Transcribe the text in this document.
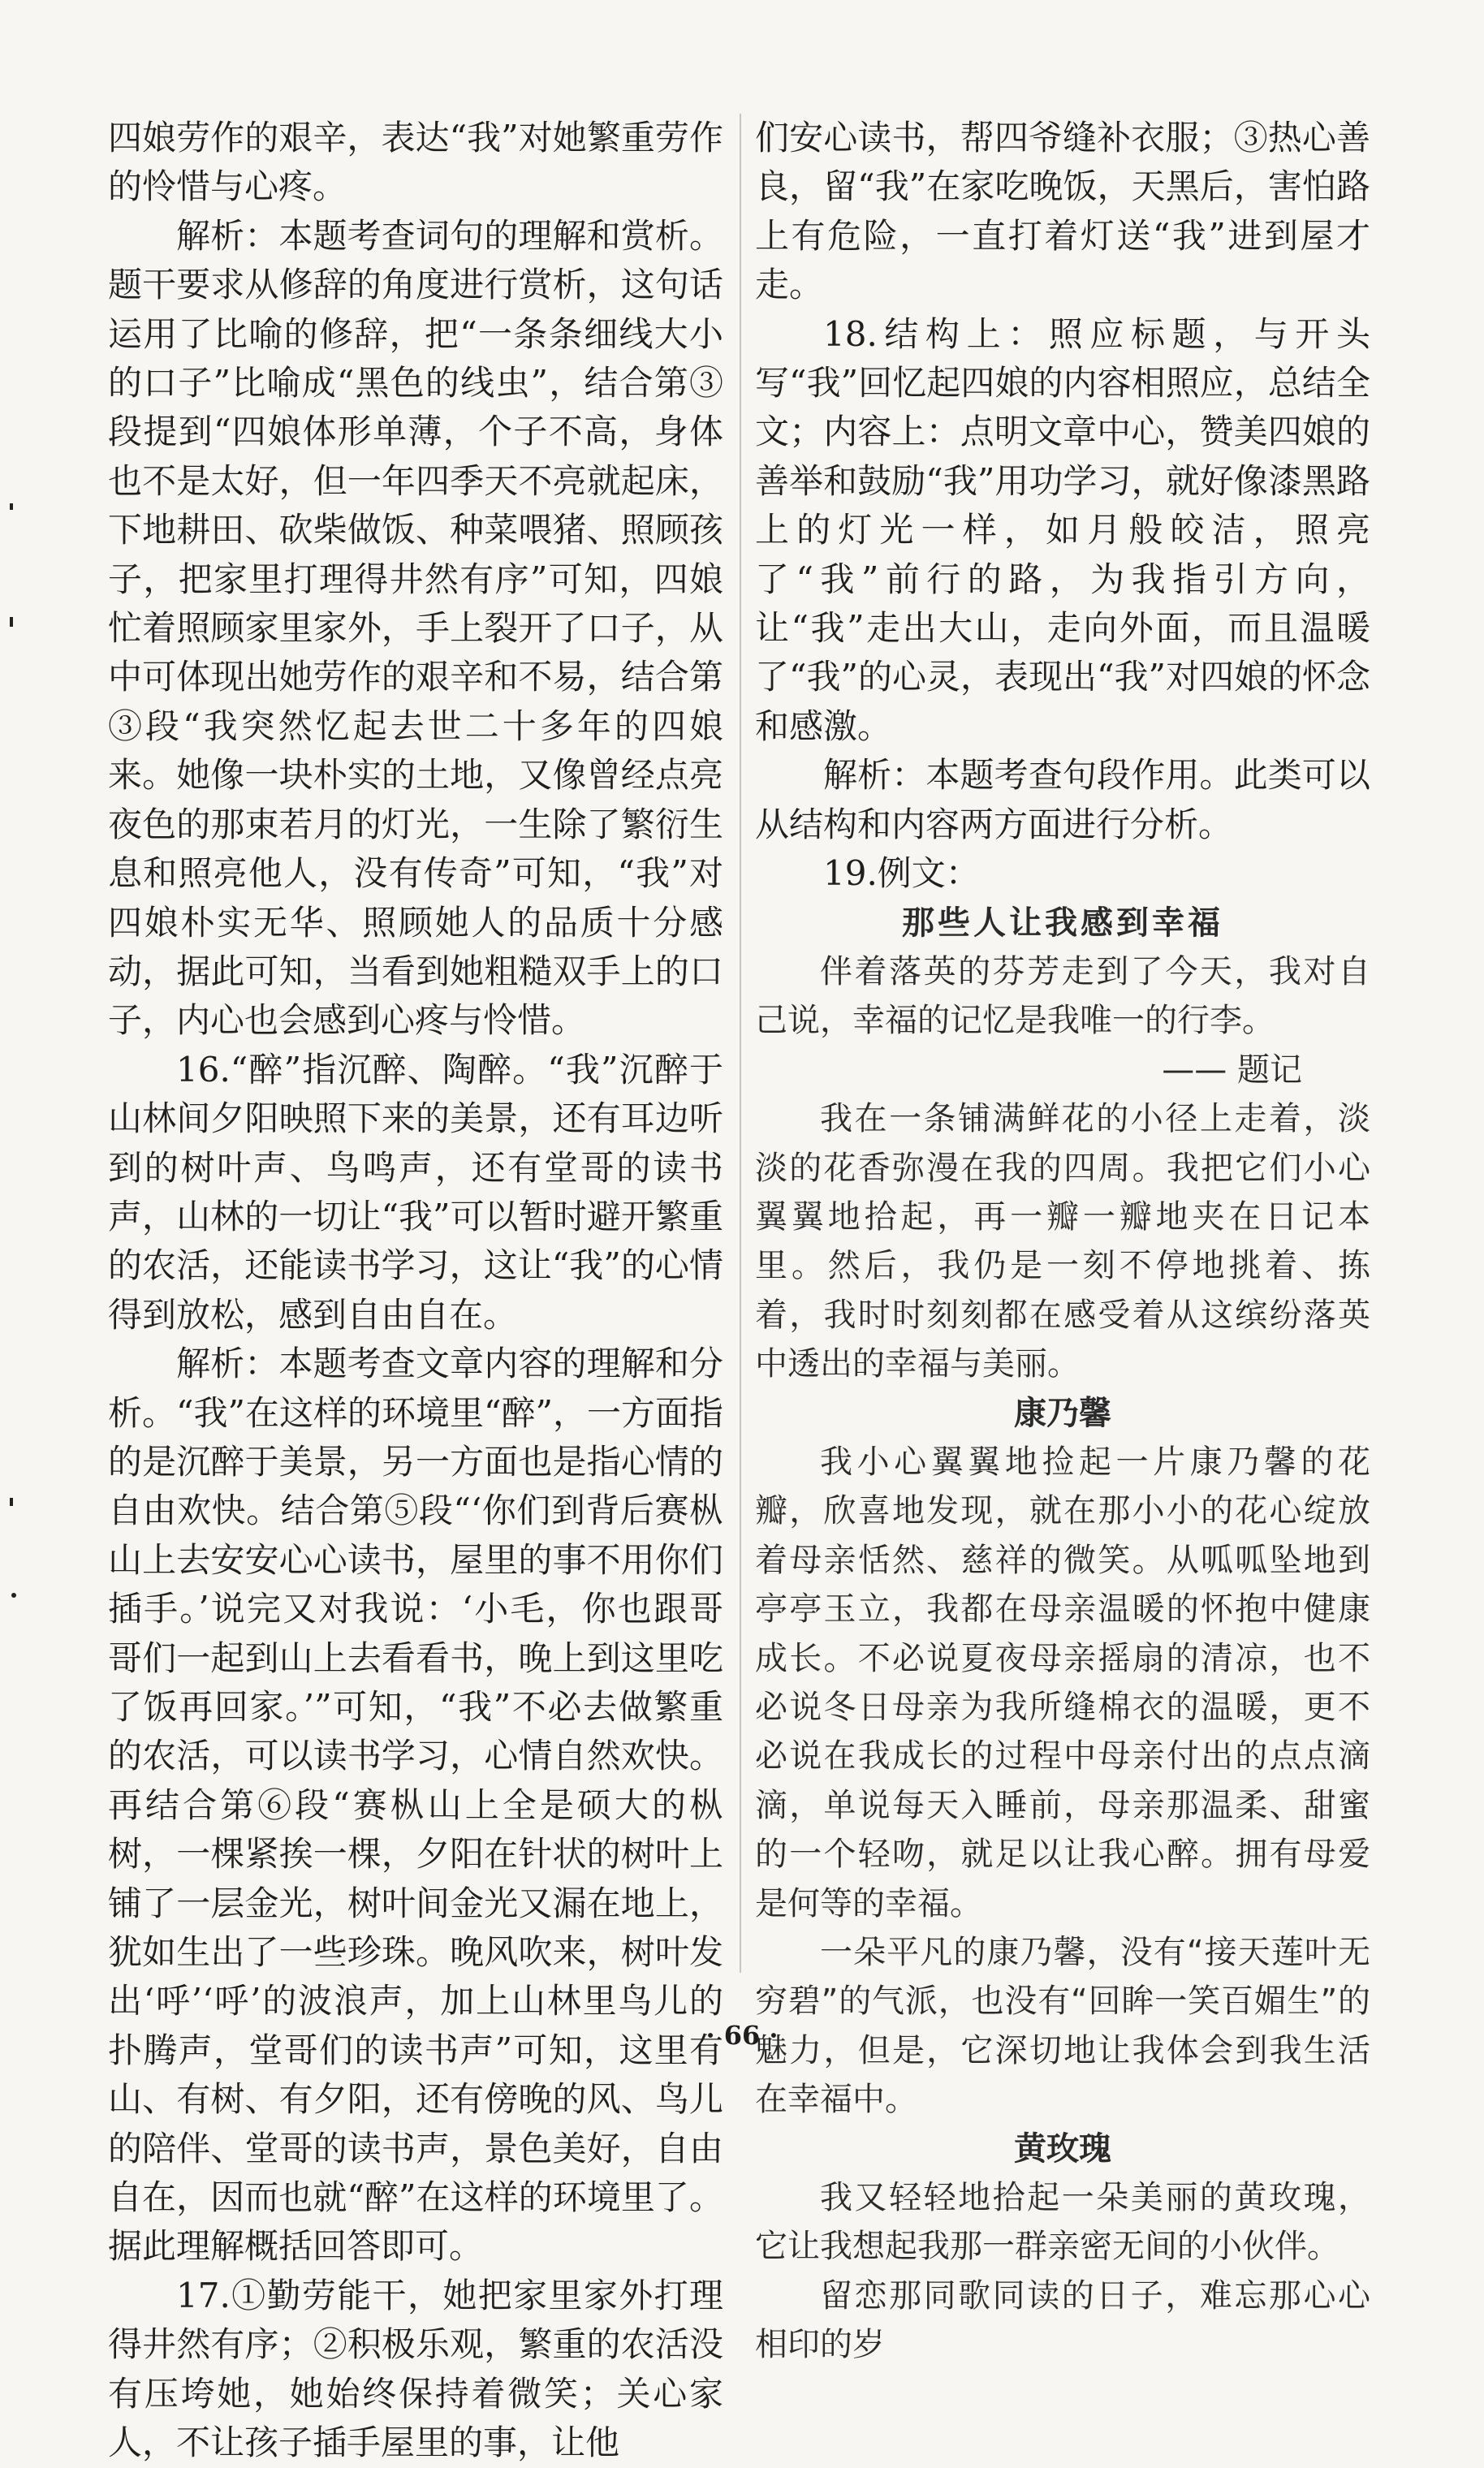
四娘劳作的艰辛，表达“我”对她繁重劳作的怜惜与心疼。

解析：本题考查词句的理解和赏析。题干要求从修辞的角度进行赏析，这句话运用了比喻的修辞，把“一条条细线大小的口子”比喻成“黑色的线虫”，结合第③段提到“四娘体形单薄，个子不高，身体也不是太好，但一年四季天不亮就起床，下地耕田、砍柴做饭、种菜喂猪、照顾孩子，把家里打理得井然有序”可知，四娘忙着照顾家里家外，手上裂开了口子，从中可体现出她劳作的艰辛和不易，结合第③段“我突然忆起去世二十多年的四娘来。她像一块朴实的土地，又像曾经点亮夜色的那束若月的灯光，一生除了繁衍生息和照亮他人，没有传奇”可知，“我”对四娘朴实无华、照顾她人的品质十分感动，据此可知，当看到她粗糙双手上的口子，内心也会感到心疼与怜惜。

16.“醉”指沉醉、陶醉。“我”沉醉于山林间夕阳映照下来的美景，还有耳边听到的树叶声、鸟鸣声，还有堂哥的读书声，山林的一切让“我”可以暂时避开繁重的农活，还能读书学习，这让“我”的心情得到放松，感到自由自在。

解析：本题考查文章内容的理解和分析。“我”在这样的环境里“醉”，一方面指的是沉醉于美景，另一方面也是指心情的自由欢快。结合第⑤段“‘你们到背后赛枞山上去安安心心读书，屋里的事不用你们插手。’说完又对我说：‘小毛，你也跟哥哥们一起到山上去看看书，晚上到这里吃了饭再回家。’”可知，“我”不必去做繁重的农活，可以读书学习，心情自然欢快。再结合第⑥段“赛枞山上全是硕大的枞树，一棵紧挨一棵，夕阳在针状的树叶上铺了一层金光，树叶间金光又漏在地上，犹如生出了一些珍珠。晚风吹来，树叶发出‘呼’‘呼’的波浪声，加上山林里鸟儿的扑腾声，堂哥们的读书声”可知，这里有山、有树、有夕阳，还有傍晚的风、鸟儿的陪伴、堂哥的读书声，景色美好，自由自在，因而也就“醉”在这样的环境里了。据此理解概括回答即可。

17.①勤劳能干，她把家里家外打理得井然有序；②积极乐观，繁重的农活没有压垮她，她始终保持着微笑；关心家人，不让孩子插手屋里的事，让他

们安心读书，帮四爷缝补衣服；③热心善良，留“我”在家吃晚饭，天黑后，害怕路上有危险，一直打着灯送“我”进到屋才走。

18.结构上：照应标题，与开头写“我”回忆起四娘的内容相照应，总结全文；内容上：点明文章中心，赞美四娘的善举和鼓励“我”用功学习，就好像漆黑路上的灯光一样，如月般皎洁，照亮了“我”前行的路，为我指引方向，让“我”走出大山，走向外面，而且温暖了“我”的心灵，表现出“我”对四娘的怀念和感激。

解析：本题考查句段作用。此类可以从结构和内容两方面进行分析。

19.例文：

那些人让我感到幸福

伴着落英的芬芳走到了今天，我对自己说，幸福的记忆是我唯一的行李。

—— 题记

我在一条铺满鲜花的小径上走着，淡淡的花香弥漫在我的四周。我把它们小心翼翼地拾起，再一瓣一瓣地夹在日记本里。然后，我仍是一刻不停地挑着、拣着，我时时刻刻都在感受着从这缤纷落英中透出的幸福与美丽。

康乃馨

我小心翼翼地捡起一片康乃馨的花瓣，欣喜地发现，就在那小小的花心绽放着母亲恬然、慈祥的微笑。从呱呱坠地到亭亭玉立，我都在母亲温暖的怀抱中健康成长。不必说夏夜母亲摇扇的清凉，也不必说冬日母亲为我所缝棉衣的温暖，更不必说在我成长的过程中母亲付出的点点滴滴，单说每天入睡前，母亲那温柔、甜蜜的一个轻吻，就足以让我心醉。拥有母爱是何等的幸福。

一朵平凡的康乃馨，没有“接天莲叶无穷碧”的气派，也没有“回眸一笑百媚生”的魅力，但是，它深切地让我体会到我生活在幸福中。

黄玫瑰

我又轻轻地拾起一朵美丽的黄玫瑰，它让我想起我那一群亲密无间的小伙伴。

留恋那同歌同读的日子，难忘那心心相印的岁

· 66 ·
